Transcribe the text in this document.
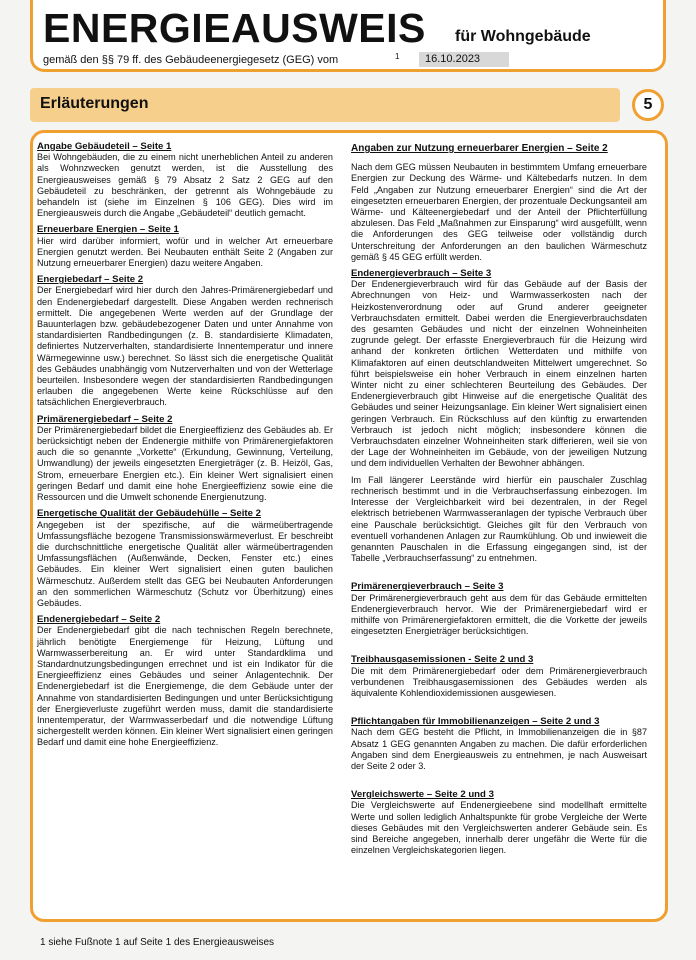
ENERGIEAUSWEIS für Wohngebäude
gemäß den §§ 79 ff. des Gebäudeenergiegesetz (GEG) vom	1	16.10.2023
Erläuterungen	5
Angabe Gebäudeteil – Seite 1

Bei Wohngebäuden, die zu einem nicht unerheblichen Anteil zu anderen als Wohnzwecken genutzt werden, ist die Ausstellung des Energieausweises gemäß § 79 Absatz 2 Satz 2 GEG auf den Gebäudeteil zu beschränken, der getrennt als Wohngebäude zu behandeln ist (siehe im Einzelnen § 106 GEG). Dies wird im Energieausweis durch die Angabe „Gebäudeteil“ deutlich gemacht.

Erneuerbare Energien – Seite 1

Hier wird darüber informiert, wofür und in welcher Art erneuerbare Energien genutzt werden. Bei Neubauten enthält Seite 2 (Angaben zur Nutzung erneuerbarer Energien) dazu weitere Angaben.

Energiebedarf – Seite 2

Der Energiebedarf wird hier durch den Jahres-Primärenergiebedarf und den Endenergiebedarf dargestellt. Diese Angaben werden rechnerisch ermittelt. Die angegebenen Werte werden auf der Grundlage der Bauunterlagen bzw. gebäudebezogener Daten und unter Annahme von standardisierten Randbedingungen (z. B. standardisierte Klimadaten, definiertes Nutzerverhalten, standardisierte Innentemperatur und innere Wärmegewinne usw.) berechnet. So lässt sich die energetische Qualität des Gebäudes unabhängig vom Nutzerverhalten und von der Wetterlage beurteilen. Insbesondere wegen der standardisierten Randbedingungen erlauben die angegebenen Werte keine Rückschlüsse auf den tatsächlichen Energieverbrauch.

Primärenergiebedarf – Seite 2

Der Primärenergiebedarf bildet die Energieeffizienz des Gebäudes ab. Er berücksichtigt neben der Endenergie mithilfe von Primärenergiefaktoren auch die so genannte „Vorkette“ (Erkundung, Gewinnung, Verteilung, Umwandlung) der jeweils eingesetzten Energieträger (z. B. Heizöl, Gas, Strom, erneuerbare Energien etc.). Ein kleiner Wert signalisiert einen geringen Bedarf und damit eine hohe Energieeffizienz sowie eine die Ressourcen und die Umwelt schonende Energienutzung.

Energetische Qualität der Gebäudehülle – Seite 2

Angegeben ist der spezifische, auf die wärmeübertragende Umfassungsfläche bezogene Transmissionswärmeverlust. Er beschreibt die durchschnittliche energetische Qualität aller wärmeübertragenden Umfassungsflächen (Außenwände, Decken, Fenster etc.) eines Gebäudes. Ein kleiner Wert signalisiert einen guten baulichen Wärmeschutz. Außerdem stellt das GEG bei Neubauten Anforderungen an den sommerlichen Wärmeschutz (Schutz vor Überhitzung) eines Gebäudes.

Endenergiebedarf – Seite 2

Der Endenergiebedarf gibt die nach technischen Regeln berechnete, jährlich benötigte Energiemenge für Heizung, Lüftung und Warmwasserbereitung an. Er wird unter Standardklima und Standardnutzungsbedingungen errechnet und ist ein Indikator für die Energieeffizienz eines Gebäudes und seiner Anlagentechnik. Der Endenergiebedarf ist die Energiemenge, die dem Gebäude unter der Annahme von standardisierten Bedingungen und unter Berücksichtigung der Energieverluste zugeführt werden muss, damit die standardisierte Innentemperatur, der Warmwasserbedarf und die notwendige Lüftung sichergestellt werden können. Ein kleiner Wert signalisiert einen geringen Bedarf und damit eine hohe Energieeffizienz.

Angaben zur Nutzung erneuerbarer Energien – Seite 2

Nach dem GEG müssen Neubauten in bestimmtem Umfang erneuerbare Energien zur Deckung des Wärme- und Kältebedarfs nutzen. In dem Feld „Angaben zur Nutzung erneuerbarer Energien“ sind die Art der eingesetzten erneuerbaren Energien, der prozentuale Deckungsanteil am Wärme- und Kälteenergiebedarf und der Anteil der Pflichterfüllung abzulesen. Das Feld „Maßnahmen zur Einsparung“ wird ausgefüllt, wenn die Anforderungen des GEG teilweise oder vollständig durch Unterschreitung der Anforderungen an den baulichen Wärmeschutz gemäß § 45 GEG erfüllt werden.

Endenergieverbrauch – Seite 3

Der Endenergieverbrauch wird für das Gebäude auf der Basis der Abrechnungen von Heiz- und Warmwasserkosten nach der Heizkostenverordnung oder auf Grund anderer geeigneter Verbrauchsdaten ermittelt. Dabei werden die Energieverbrauchsdaten des gesamten Gebäudes und nicht der einzelnen Wohneinheiten zugrunde gelegt. Der erfasste Energieverbrauch für die Heizung wird anhand der konkreten örtlichen Wetterdaten und mithilfe von Klimafaktoren auf einen deutschlandweiten Mittelwert umgerechnet. So führt beispielsweise ein hoher Verbrauch in einem einzelnen harten Winter nicht zu einer schlechteren Beurteilung des Gebäudes. Der Endenergieverbrauch gibt Hinweise auf die energetische Qualität des Gebäudes und seiner Heizungsanlage. Ein kleiner Wert signalisiert einen geringen Verbrauch. Ein Rückschluss auf den künftig zu erwartenden Verbrauch ist jedoch nicht möglich; insbesondere können die Verbrauchsdaten einzelner Wohneinheiten stark differieren, weil sie von der Lage der Wohneinheiten im Gebäude, von der jeweiligen Nutzung und dem individuellen Verhalten der Bewohner abhängen.

Im Fall längerer Leerstände wird hierfür ein pauschaler Zuschlag rechnerisch bestimmt und in die Verbrauchserfassung einbezogen. Im Interesse der Vergleichbarkeit wird bei dezentralen, in der Regel elektrisch betriebenen Warmwasseranlagen der typische Verbrauch über eine Pauschale berücksichtigt. Gleiches gilt für den Verbrauch von eventuell vorhandenen Anlagen zur Raumkühlung. Ob und inwieweit die genannten Pauschalen in die Erfassung eingegangen sind, ist der Tabelle „Verbrauchserfassung“ zu entnehmen.

Primärenergieverbrauch – Seite 3

Der Primärenergieverbrauch geht aus dem für das Gebäude ermittelten Endenergieverbrauch hervor. Wie der Primärenergiebedarf wird er mithilfe von Primärenergiefaktoren ermittelt, die die Vorkette der jeweils eingesetzten Energieträger berücksichtigen.

Treibhausgasemissionen - Seite 2 und 3

Die mit dem Primärenergiebedarf oder dem Primärenergieverbrauch verbundenen Treibhausgasemissionen des Gebäudes werden als äquivalente Kohlendioxidemissionen ausgewiesen.

Pflichtangaben für Immobilienanzeigen – Seite 2 und 3

Nach dem GEG besteht die Pflicht, in Immobilienanzeigen die in §87 Absatz 1 GEG genannten Angaben zu machen. Die dafür erforderlichen Angaben sind dem Energieausweis zu entnehmen, je nach Ausweisart der Seite 2 oder 3.

Vergleichswerte – Seite 2 und 3

Die Vergleichswerte auf Endenergieebene sind modellhaft ermittelte Werte und sollen lediglich Anhaltspunkte für grobe Vergleiche der Werte dieses Gebäudes mit den Vergleichswerten anderer Gebäude sein. Es sind Bereiche angegeben, innerhalb derer ungefähr die Werte für die einzelnen Vergleichskategorien liegen.

1 siehe Fußnote 1 auf Seite 1 des Energieausweises
